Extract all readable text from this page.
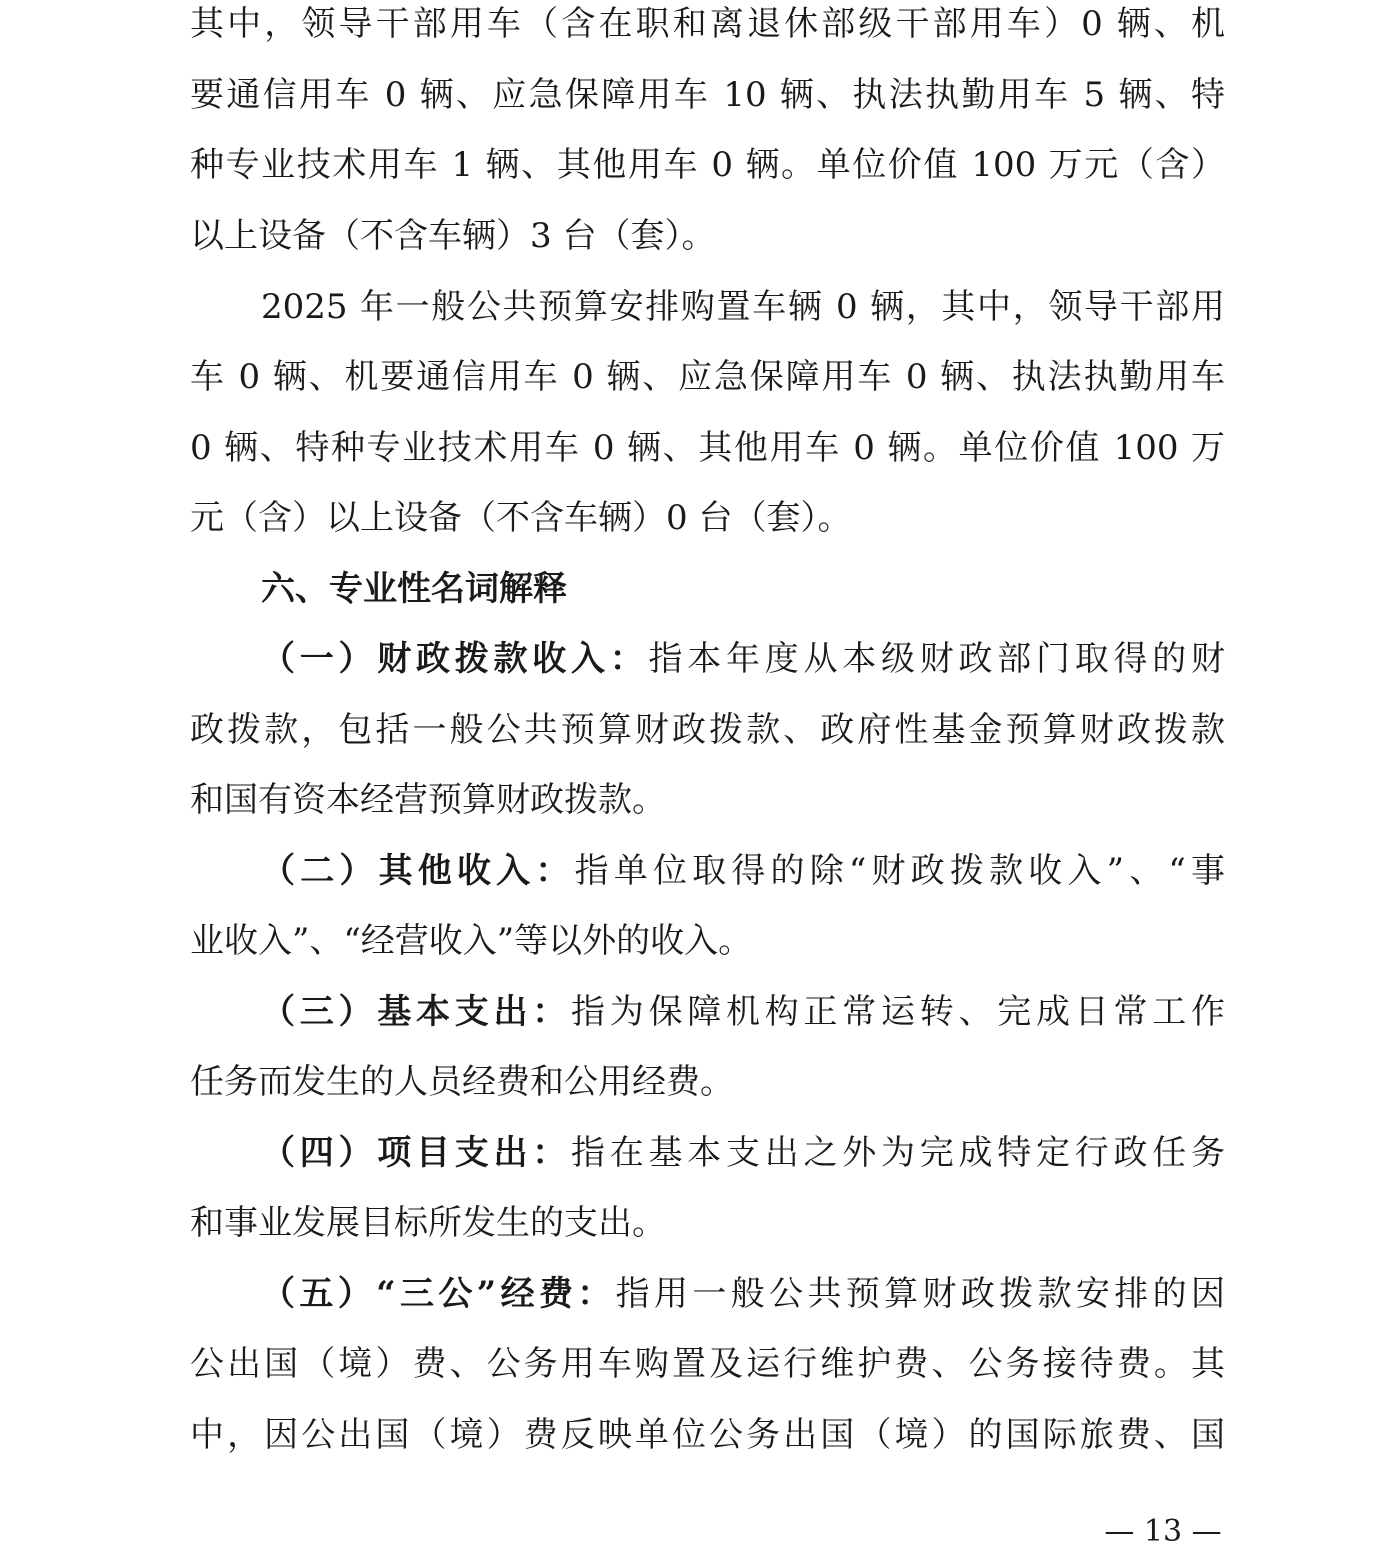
其中，领导干部用车（含在职和离退休部级干部用车）0 辆、机
要通信用车 0 辆、应急保障用车 10 辆、执法执勤用车 5 辆、特
种专业技术用车 1 辆、其他用车 0 辆。单位价值 100 万元（含）
以上设备（不含车辆）3 台（套）。
2025 年一般公共预算安排购置车辆 0 辆，其中，领导干部用
车 0 辆、机要通信用车 0 辆、应急保障用车 0 辆、执法执勤用车
0 辆、特种专业技术用车 0 辆、其他用车 0 辆。单位价值 100 万
元（含）以上设备（不含车辆）0 台（套）。
六、专业性名词解释
（一）财政拨款收入：指本年度从本级财政部门取得的财
政拨款，包括一般公共预算财政拨款、政府性基金预算财政拨款
和国有资本经营预算财政拨款。
（二）其他收入：指单位取得的除“财政拨款收入”、“事
业收入”、“经营收入”等以外的收入。
（三）基本支出：指为保障机构正常运转、完成日常工作
任务而发生的人员经费和公用经费。
（四）项目支出：指在基本支出之外为完成特定行政任务
和事业发展目标所发生的支出。
（五）“三公”经费：指用一般公共预算财政拨款安排的因
公出国（境）费、公务用车购置及运行维护费、公务接待费。其
中，因公出国（境）费反映单位公务出国（境）的国际旅费、国
— 13 —
